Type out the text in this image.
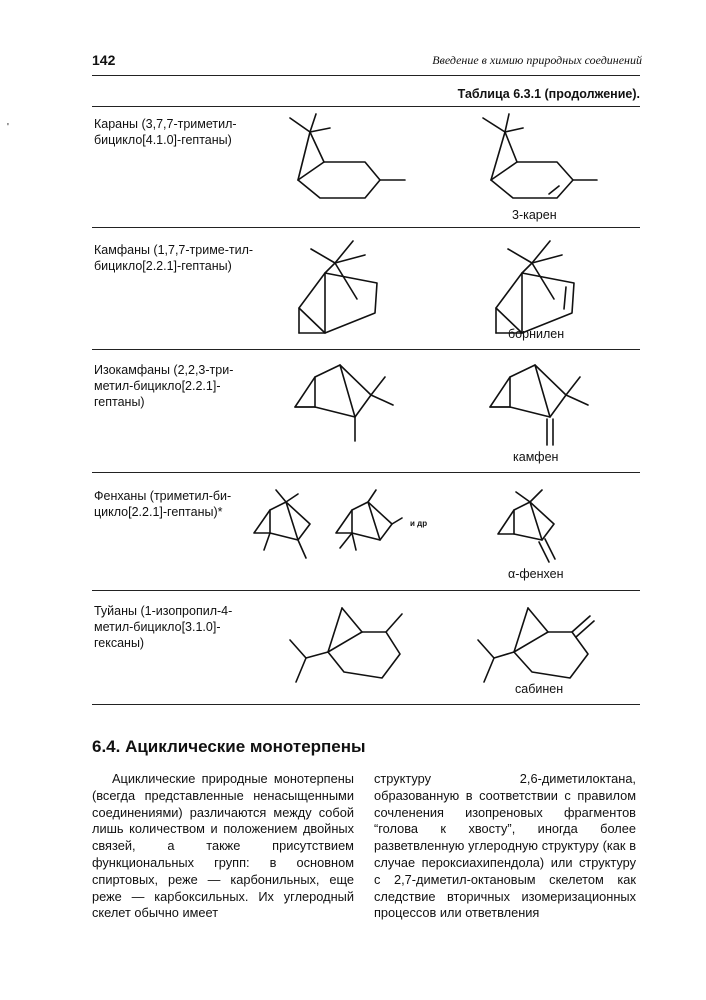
142	Введение в химию природных соединений
'
Таблица 6.3.1 (продолжение).
Караны (3,7,7-триметил-бицикло[4.1.0]-гептаны)
3-карен
Камфаны (1,7,7-триме-тил-бицикло[2.2.1]-гептаны)
борнилен
Изокамфаны (2,2,3-три-метил-бицикло[2.2.1]-гептаны)
камфен
Фенханы (триметил-би-цикло[2.2.1]-гептаны)*
и др
α-фенхен
Туйаны (1-изопропил-4-метил-бицикло[3.1.0]-гексаны)
сабинен
6.4. Ациклические монотерпены
Ациклические природные монотерпены (всегда представленные ненасыщенными соединениями) различаются между собой лишь количеством и положением двойных связей, а также присутствием функциональных групп: в основном спиртовых, реже — карбонильных, еще реже — карбоксильных. Их углеродный скелет обычно имеет
структуру 2,6-диметилоктана, образованную в соответствии с правилом сочленения изопреновых фрагментов “голова к хвосту”, иногда более разветвленную углеродную структуру (как в случае пероксиахипендола) или структуру с 2,7-диметил-октановым скелетом как следствие вторичных изомеризационных процессов или ответвления
